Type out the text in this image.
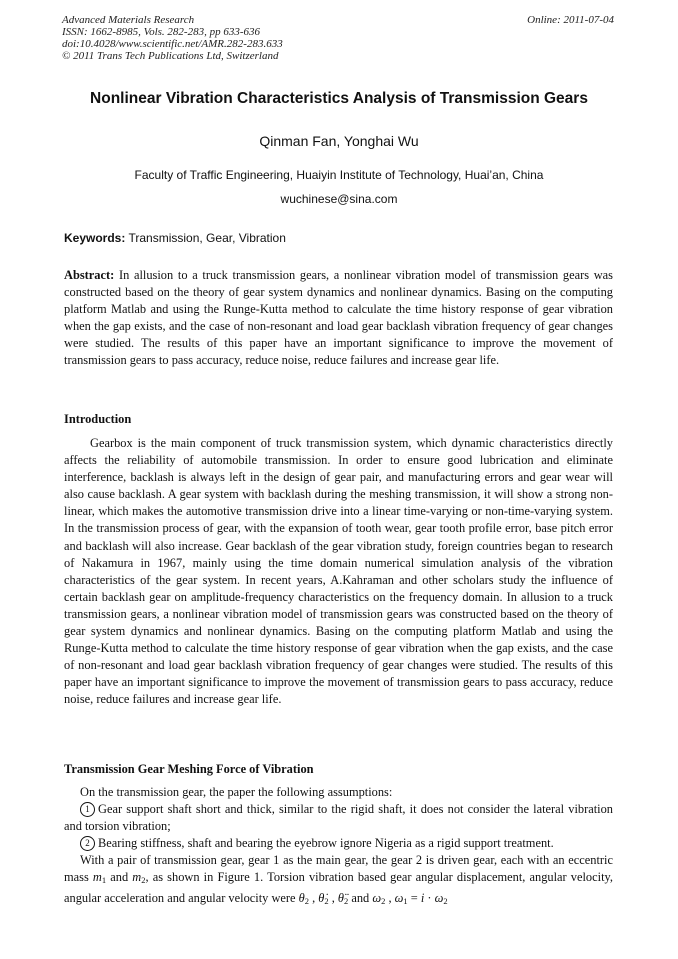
Advanced Materials Research
ISSN: 1662-8985, Vols. 282-283, pp 633-636
doi:10.4028/www.scientific.net/AMR.282-283.633
© 2011 Trans Tech Publications Ltd, Switzerland
Online: 2011-07-04
Nonlinear Vibration Characteristics Analysis of Transmission Gears
Qinman Fan, Yonghai Wu
Faculty of Traffic Engineering, Huaiyin Institute of Technology, Huai’an, China
wuchinese@sina.com
Keywords: Transmission, Gear, Vibration
Abstract: In allusion to a truck transmission gears, a nonlinear vibration model of transmission gears was constructed based on the theory of gear system dynamics and nonlinear dynamics. Basing on the computing platform Matlab and using the Runge-Kutta method to calculate the time history response of gear vibration when the gap exists, and the case of non-resonant and load gear backlash vibration frequency of gear changes were studied. The results of this paper have an important significance to improve the movement of transmission gears to pass accuracy, reduce noise, reduce failures and increase gear life.
Introduction
Gearbox is the main component of truck transmission system, which dynamic characteristics directly affects the reliability of automobile transmission. In order to ensure good lubrication and eliminate interference, backlash is always left in the design of gear pair, and manufacturing errors and gear wear will also cause backlash. A gear system with backlash during the meshing transmission, it will show a strong non-linear, which makes the automotive transmission drive into a linear time-varying or non-time-varying system. In the transmission process of gear, with the expansion of tooth wear, gear tooth profile error, base pitch error and backlash will also increase. Gear backlash of the gear vibration study, foreign countries began to research of Nakamura in 1967, mainly using the time domain numerical simulation analysis of the vibration characteristics of the gear system. In recent years, A.Kahraman and other scholars study the influence of certain backlash gear on amplitude-frequency characteristics on the frequency domain. In allusion to a truck transmission gears, a nonlinear vibration model of transmission gears was constructed based on the theory of gear system dynamics and nonlinear dynamics. Basing on the computing platform Matlab and using the Runge-Kutta method to calculate the time history response of gear vibration when the gap exists, and the case of non-resonant and load gear backlash vibration frequency of gear changes were studied. The results of this paper have an important significance to improve the movement of transmission gears to pass accuracy, reduce noise, reduce failures and increase gear life.
Transmission Gear Meshing Force of Vibration

On the transmission gear, the paper the following assumptions:

1 Gear support shaft short and thick, similar to the rigid shaft, it does not consider the lateral vibration and torsion vibration;

2 Bearing stiffness, shaft and bearing the eyebrow ignore Nigeria as a rigid support treatment.

With a pair of transmission gear, gear 1 as the main gear, the gear 2 is driven gear, each with an eccentric mass $m_1$ and $m_2$, as shown in Figure 1. Torsion vibration based gear angular displacement, angular velocity, angular acceleration and angular velocity were $\theta_2$ , $\thetȧ_2$ , $\thetä_2$ and $\omega_2$ , $\omega_1 = i \cdot \omega_2$
